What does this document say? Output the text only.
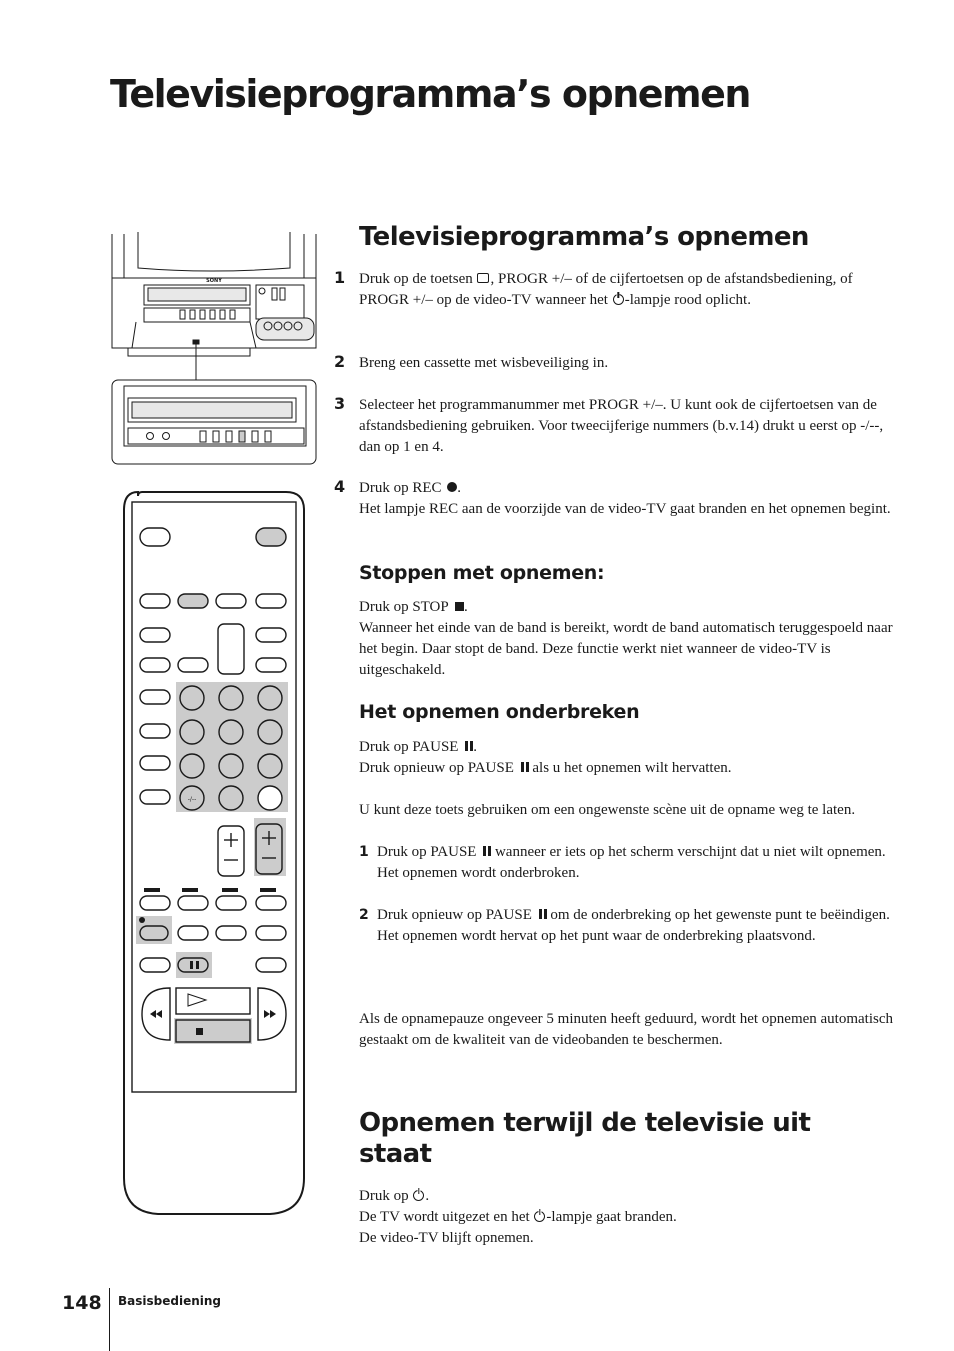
Televisieprogramma’s opnemen
SONY
-/--
Televisieprogramma’s opnemen

1 Druk op de toetsen , PROGR +/– of de cijfertoetsen op de afstandsbediening, of PROGR +/– op de video-TV wanneer het -lampje rood oplicht.

2 Breng een cassette met wisbeveiliging in.

3 Selecteer het programmanummer met PROGR +/–. U kunt ook de cijfertoetsen van de afstandsbediening gebruiken. Voor tweecijferige nummers (b.v.14) drukt u eerst op -/--, dan op 1 en 4.

4 Druk op REC .
Het lampje REC aan de voorzijde van de video-TV gaat branden en het opnemen begint.

Stoppen met opnemen:

Druk op STOP .
Wanneer het einde van de band is bereikt, wordt de band automatisch teruggespoeld naar het begin. Daar stopt de band. Deze functie werkt niet wanneer de video-TV is uitgeschakeld.

Het opnemen onderbreken

Druk op PAUSE .
Druk opnieuw op PAUSE  als u het opnemen wilt hervatten.

U kunt deze toets gebruiken om een ongewenste scène uit de opname weg te laten.

1 Druk op PAUSE  wanneer er iets op het scherm verschijnt dat u niet wilt opnemen.
Het opnemen wordt onderbroken.
2 Druk opnieuw op PAUSE  om de onderbreking op het gewenste punt te beëindigen.
Het opnemen wordt hervat op het punt waar de onderbreking plaatsvond.

Als de opnamepauze ongeveer 5 minuten heeft geduurd, wordt het opnemen automatisch gestaakt om de kwaliteit van de videobanden te beschermen.

Opnemen terwijl de televisie uit staat

Druk op .
De TV wordt uitgezet en het -lampje gaat branden.
De video-TV blijft opnemen.

148 Basisbediening
